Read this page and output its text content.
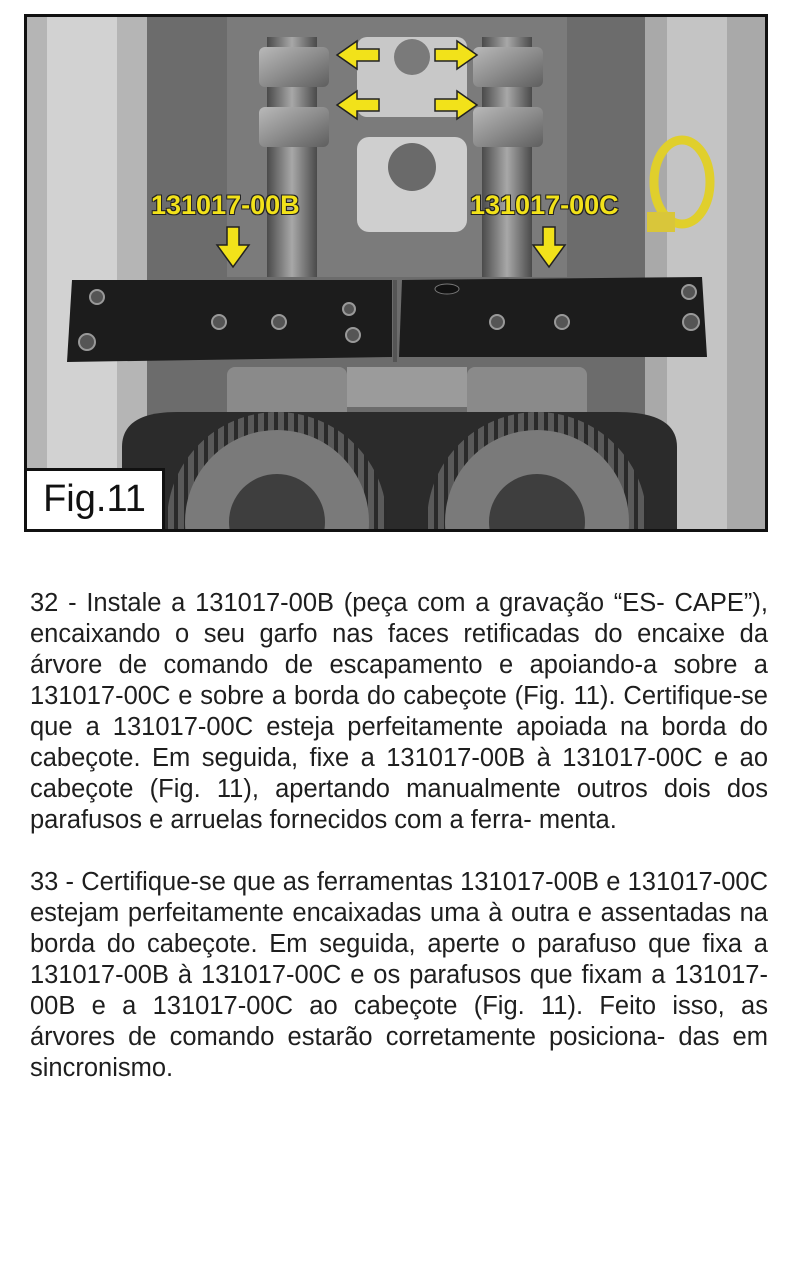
131017-00B	131017-00C
Fig.11

32 - Instale a 131017-00B (peça com a gravação “ES- CAPE”), encaixando o seu garfo nas faces retificadas do encaixe da árvore de comando de escapamento e apoiando-a sobre a 131017-00C e sobre a borda do cabeçote (Fig. 11). Certifique-se que a 131017-00C esteja perfeitamente apoiada na borda do cabeçote. Em seguida, fixe a 131017-00B à 131017-00C e ao cabeçote (Fig. 11), apertando manualmente outros dois dos parafusos e arruelas fornecidos com a ferra- menta.

33 - Certifique-se que as ferramentas 131017-00B e 131017-00C estejam perfeitamente encaixadas uma à outra e assentadas na borda do cabeçote. Em seguida, aperte o parafuso que fixa a 131017-00B à 131017-00C e os parafusos que fixam a 131017-00B e a 131017-00C ao cabeçote (Fig. 11). Feito isso, as árvores de comando estarão corretamente posiciona- das em sincronismo.
